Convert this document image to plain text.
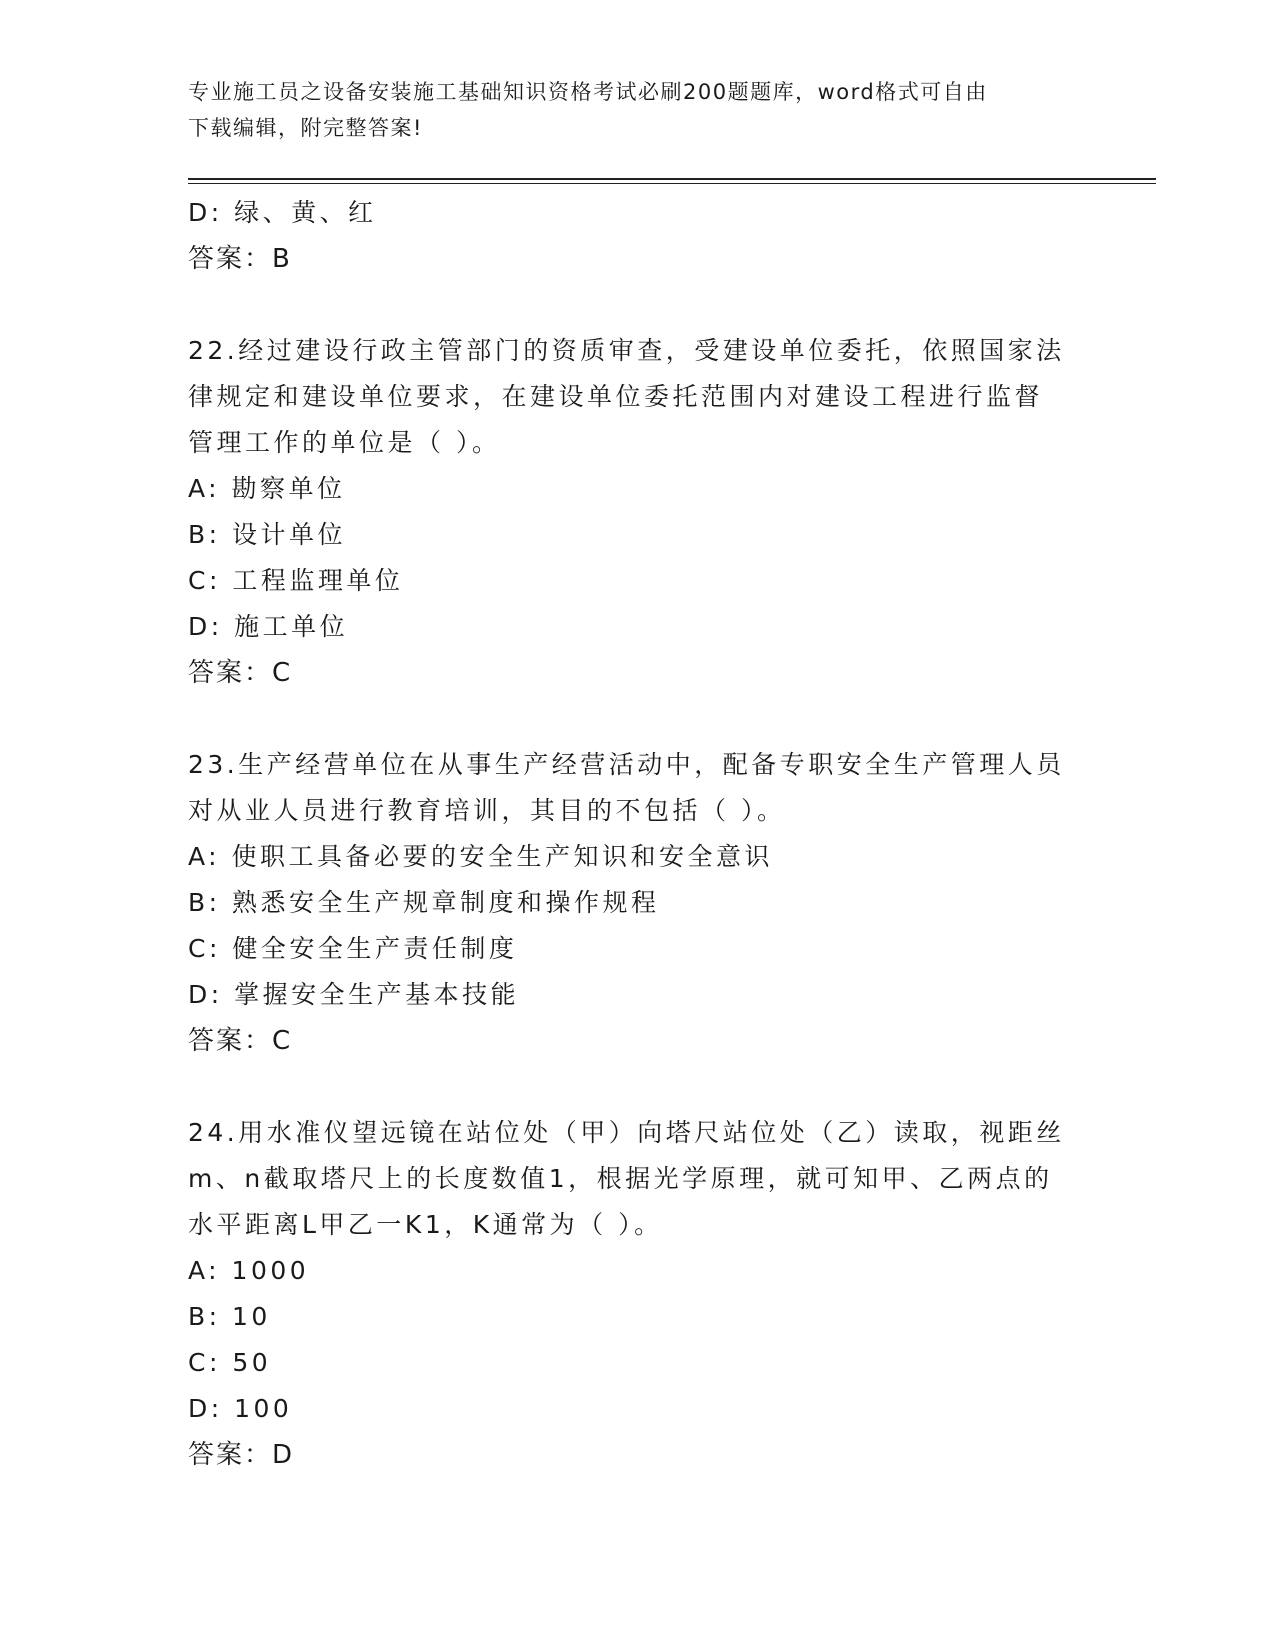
专业施工员之设备安装施工基础知识资格考试必刷200题题库，word格式可自由
下载编辑，附完整答案!
D: 绿、黄、红
答案：B
22.经过建设行政主管部门的资质审查，受建设单位委托，依照国家法
律规定和建设单位要求，在建设单位委托范围内对建设工程进行监督
管理工作的单位是（ ）。
A: 勘察单位
B: 设计单位
C: 工程监理单位
D: 施工单位
答案：C
23.生产经营单位在从事生产经营活动中，配备专职安全生产管理人员
对从业人员进行教育培训，其目的不包括（ ）。
A: 使职工具备必要的安全生产知识和安全意识
B: 熟悉安全生产规章制度和操作规程
C: 健全安全生产责任制度
D: 掌握安全生产基本技能
答案：C
24.用水准仪望远镜在站位处（甲）向塔尺站位处（乙）读取，视距丝
m、n截取塔尺上的长度数值1，根据光学原理，就可知甲、乙两点的
水平距离L甲乙一K1，K通常为（ ）。
A: 1000
B: 10
C: 50
D: 100
答案：D
